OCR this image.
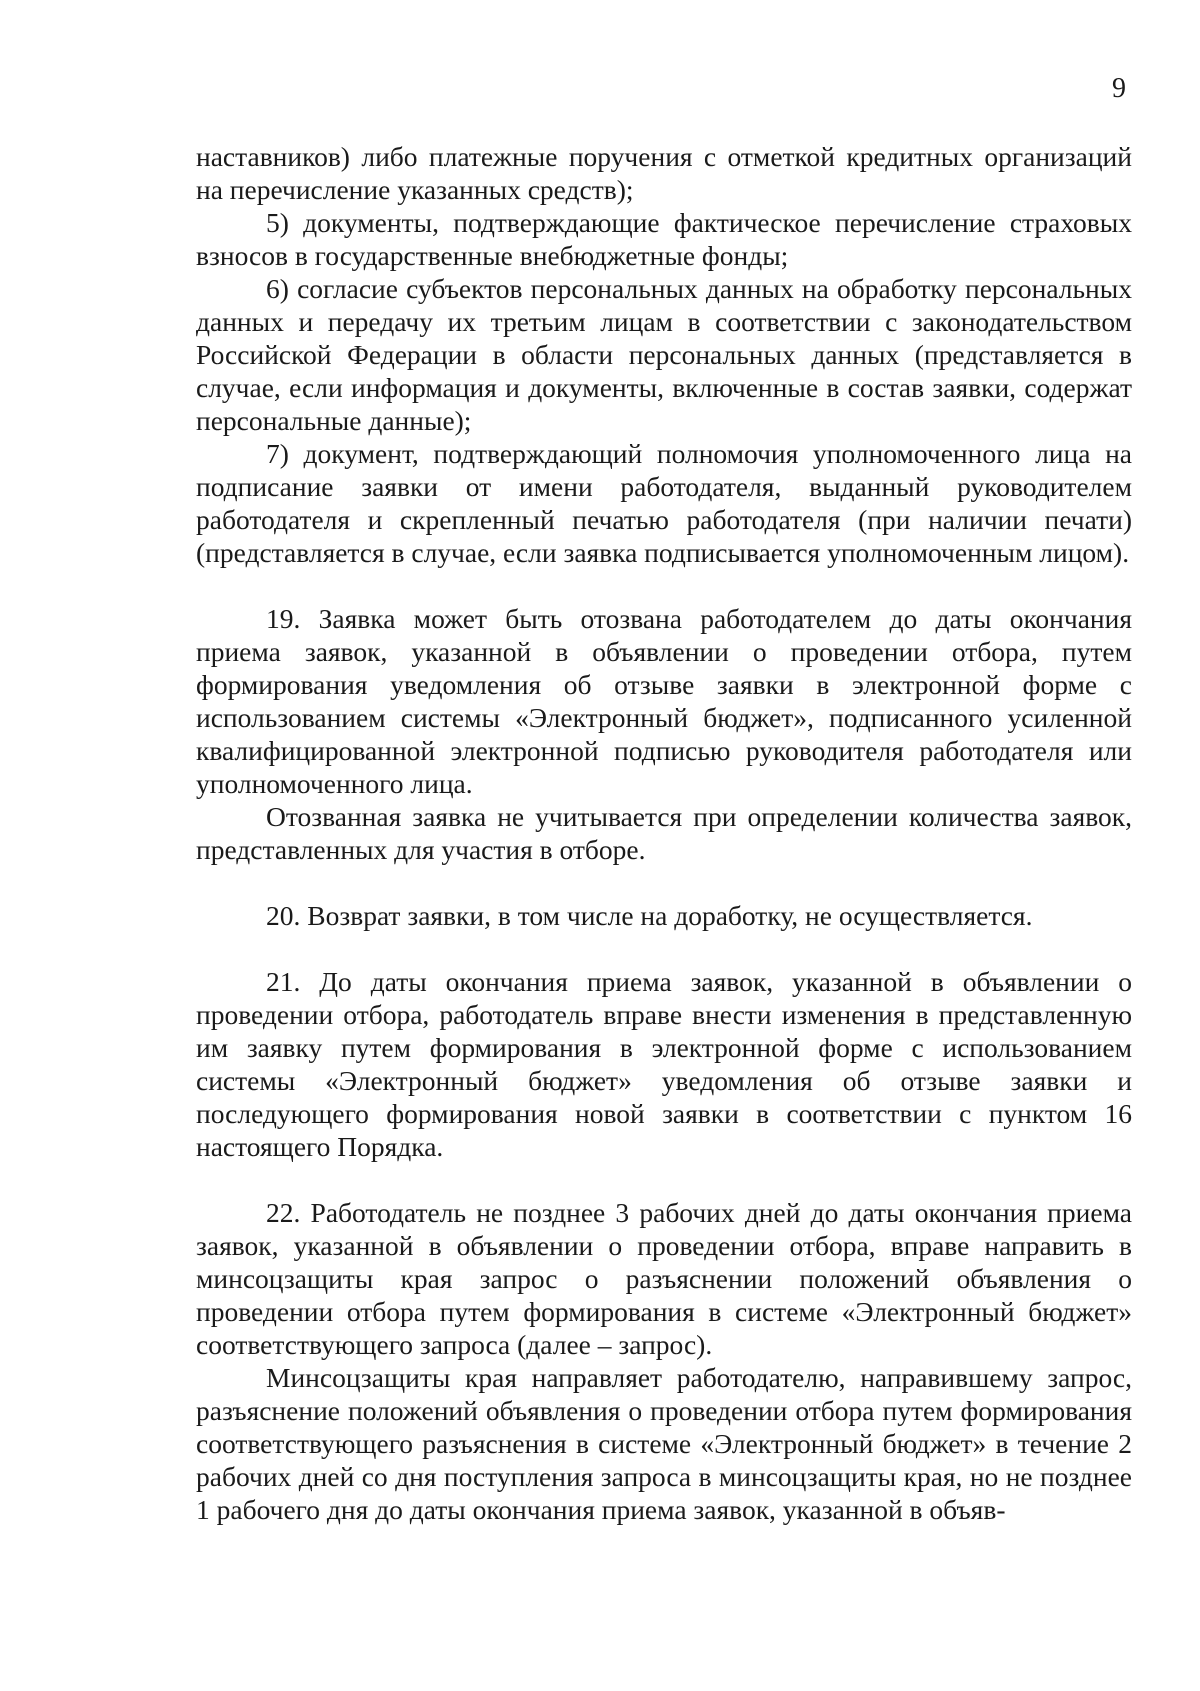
9

наставников) либо платежные поручения с отметкой кредитных организаций на перечисление указанных средств);

5) документы, подтверждающие фактическое перечисление страховых взносов в государственные внебюджетные фонды;

6) согласие субъектов персональных данных на обработку персональных данных и передачу их третьим лицам в соответствии с законодательством Российской Федерации в области персональных данных (представляется в случае, если информация и документы, включенные в состав заявки, содержат персональные данные);

7) документ, подтверждающий полномочия уполномоченного лица на подписание заявки от имени работодателя, выданный руководителем работодателя и скрепленный печатью работодателя (при наличии печати) (представляется в случае, если заявка подписывается уполномоченным лицом).

19. Заявка может быть отозвана работодателем до даты окончания приема заявок, указанной в объявлении о проведении отбора, путем формирования уведомления об отзыве заявки в электронной форме с использованием системы «Электронный бюджет», подписанного усиленной квалифицированной электронной подписью руководителя работодателя или уполномоченного лица.

Отозванная заявка не учитывается при определении количества заявок, представленных для участия в отборе.

20. Возврат заявки, в том числе на доработку, не осуществляется.

21. До даты окончания приема заявок, указанной в объявлении о проведении отбора, работодатель вправе внести изменения в представленную им заявку путем формирования в электронной форме с использованием системы «Электронный бюджет» уведомления об отзыве заявки и последующего формирования новой заявки в соответствии с пунктом 16 настоящего Порядка.

22. Работодатель не позднее 3 рабочих дней до даты окончания приема заявок, указанной в объявлении о проведении отбора, вправе направить в минсоцзащиты края запрос о разъяснении положений объявления о проведении отбора путем формирования в системе «Электронный бюджет» соответствующего запроса (далее – запрос).

Минсоцзащиты края направляет работодателю, направившему запрос, разъяснение положений объявления о проведении отбора путем формирования соответствующего разъяснения в системе «Электронный бюджет» в течение 2 рабочих дней со дня поступления запроса в минсоцзащиты края, но не позднее 1 рабочего дня до даты окончания приема заявок, указанной в объяв-
